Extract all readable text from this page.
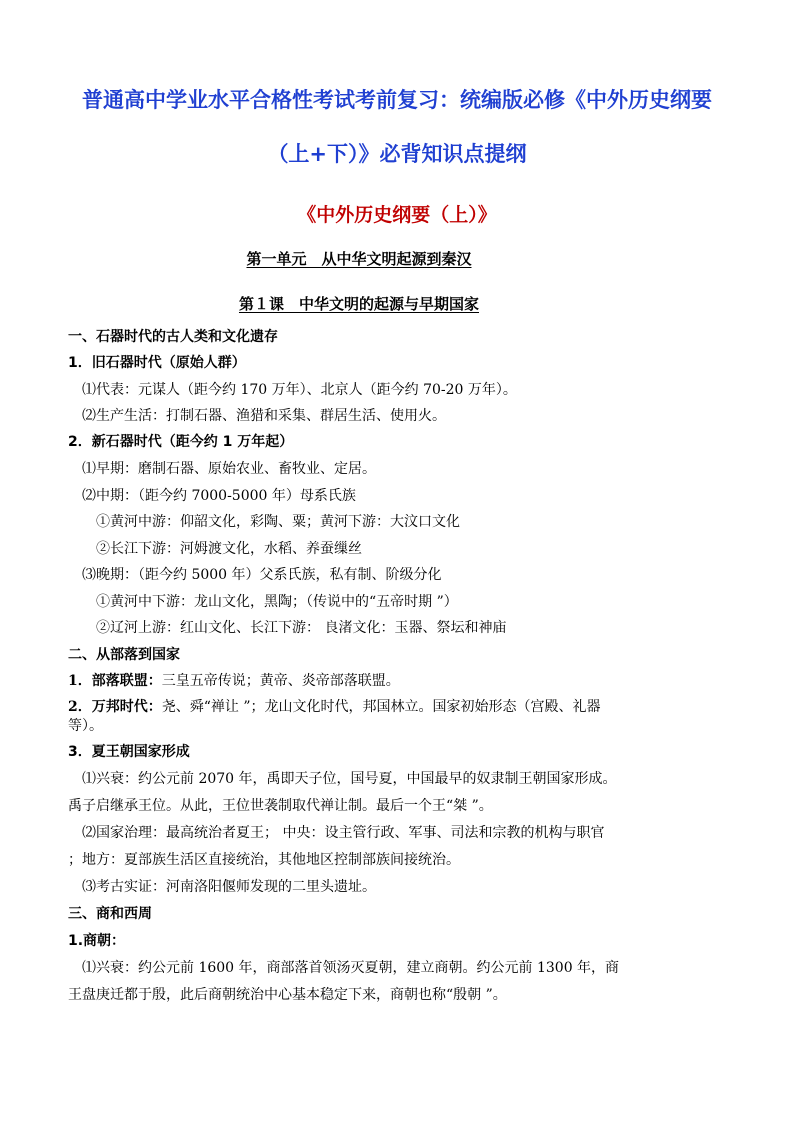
普通高中学业水平合格性考试考前复习：统编版必修《中外历史纲要
（上+下）》必背知识点提纲
《中外历史纲要（上）》
第一单元　从中华文明起源到秦汉
第１课　中华文明的起源与早期国家
一、石器时代的古人类和文化遗存
1．旧石器时代（原始人群）
⑴代表：元谋人（距今约 170 万年）、北京人（距今约 70-20 万年）。
⑵生产生活：打制石器、渔猎和采集、群居生活、使用火。
2．新石器时代（距今约 1 万年起）
⑴早期：磨制石器、原始农业、畜牧业、定居。
⑵中期：（距今约 7000-5000 年）母系氏族
①黄河中游：仰韶文化，彩陶、粟；黄河下游：大汶口文化
②长江下游：河姆渡文化，水稻、养蚕缫丝
⑶晚期：（距今约 5000 年）父系氏族，私有制、阶级分化
①黄河中下游：龙山文化，黑陶；（传说中的“五帝时期 ”）
②辽河上游：红山文化、长江下游： 良渚文化：玉器、祭坛和神庙
二、从部落到国家
1．部落联盟：三皇五帝传说；黄帝、炎帝部落联盟。
2．万邦时代：尧、舜“禅让 ”；龙山文化时代，邦国林立。国家初始形态（宫殿、礼器
等）。
3．夏王朝国家形成
⑴兴衰：约公元前 2070 年，禹即天子位，国号夏，中国最早的奴隶制王朝国家形成。
禹子启继承王位。从此，王位世袭制取代禅让制。最后一个王“桀 ”。
⑵国家治理：最高统治者夏王； 中央：设主管行政、军事、司法和宗教的机构与职官
；地方：夏部族生活区直接统治，其他地区控制部族间接统治。
⑶考古实证：河南洛阳偃师发现的二里头遗址。
三、商和西周
1.商朝：
⑴兴衰：约公元前 1600 年，商部落首领汤灭夏朝，建立商朝。约公元前 1300 年，商
王盘庚迁都于殷，此后商朝统治中心基本稳定下来，商朝也称“殷朝 ”。
